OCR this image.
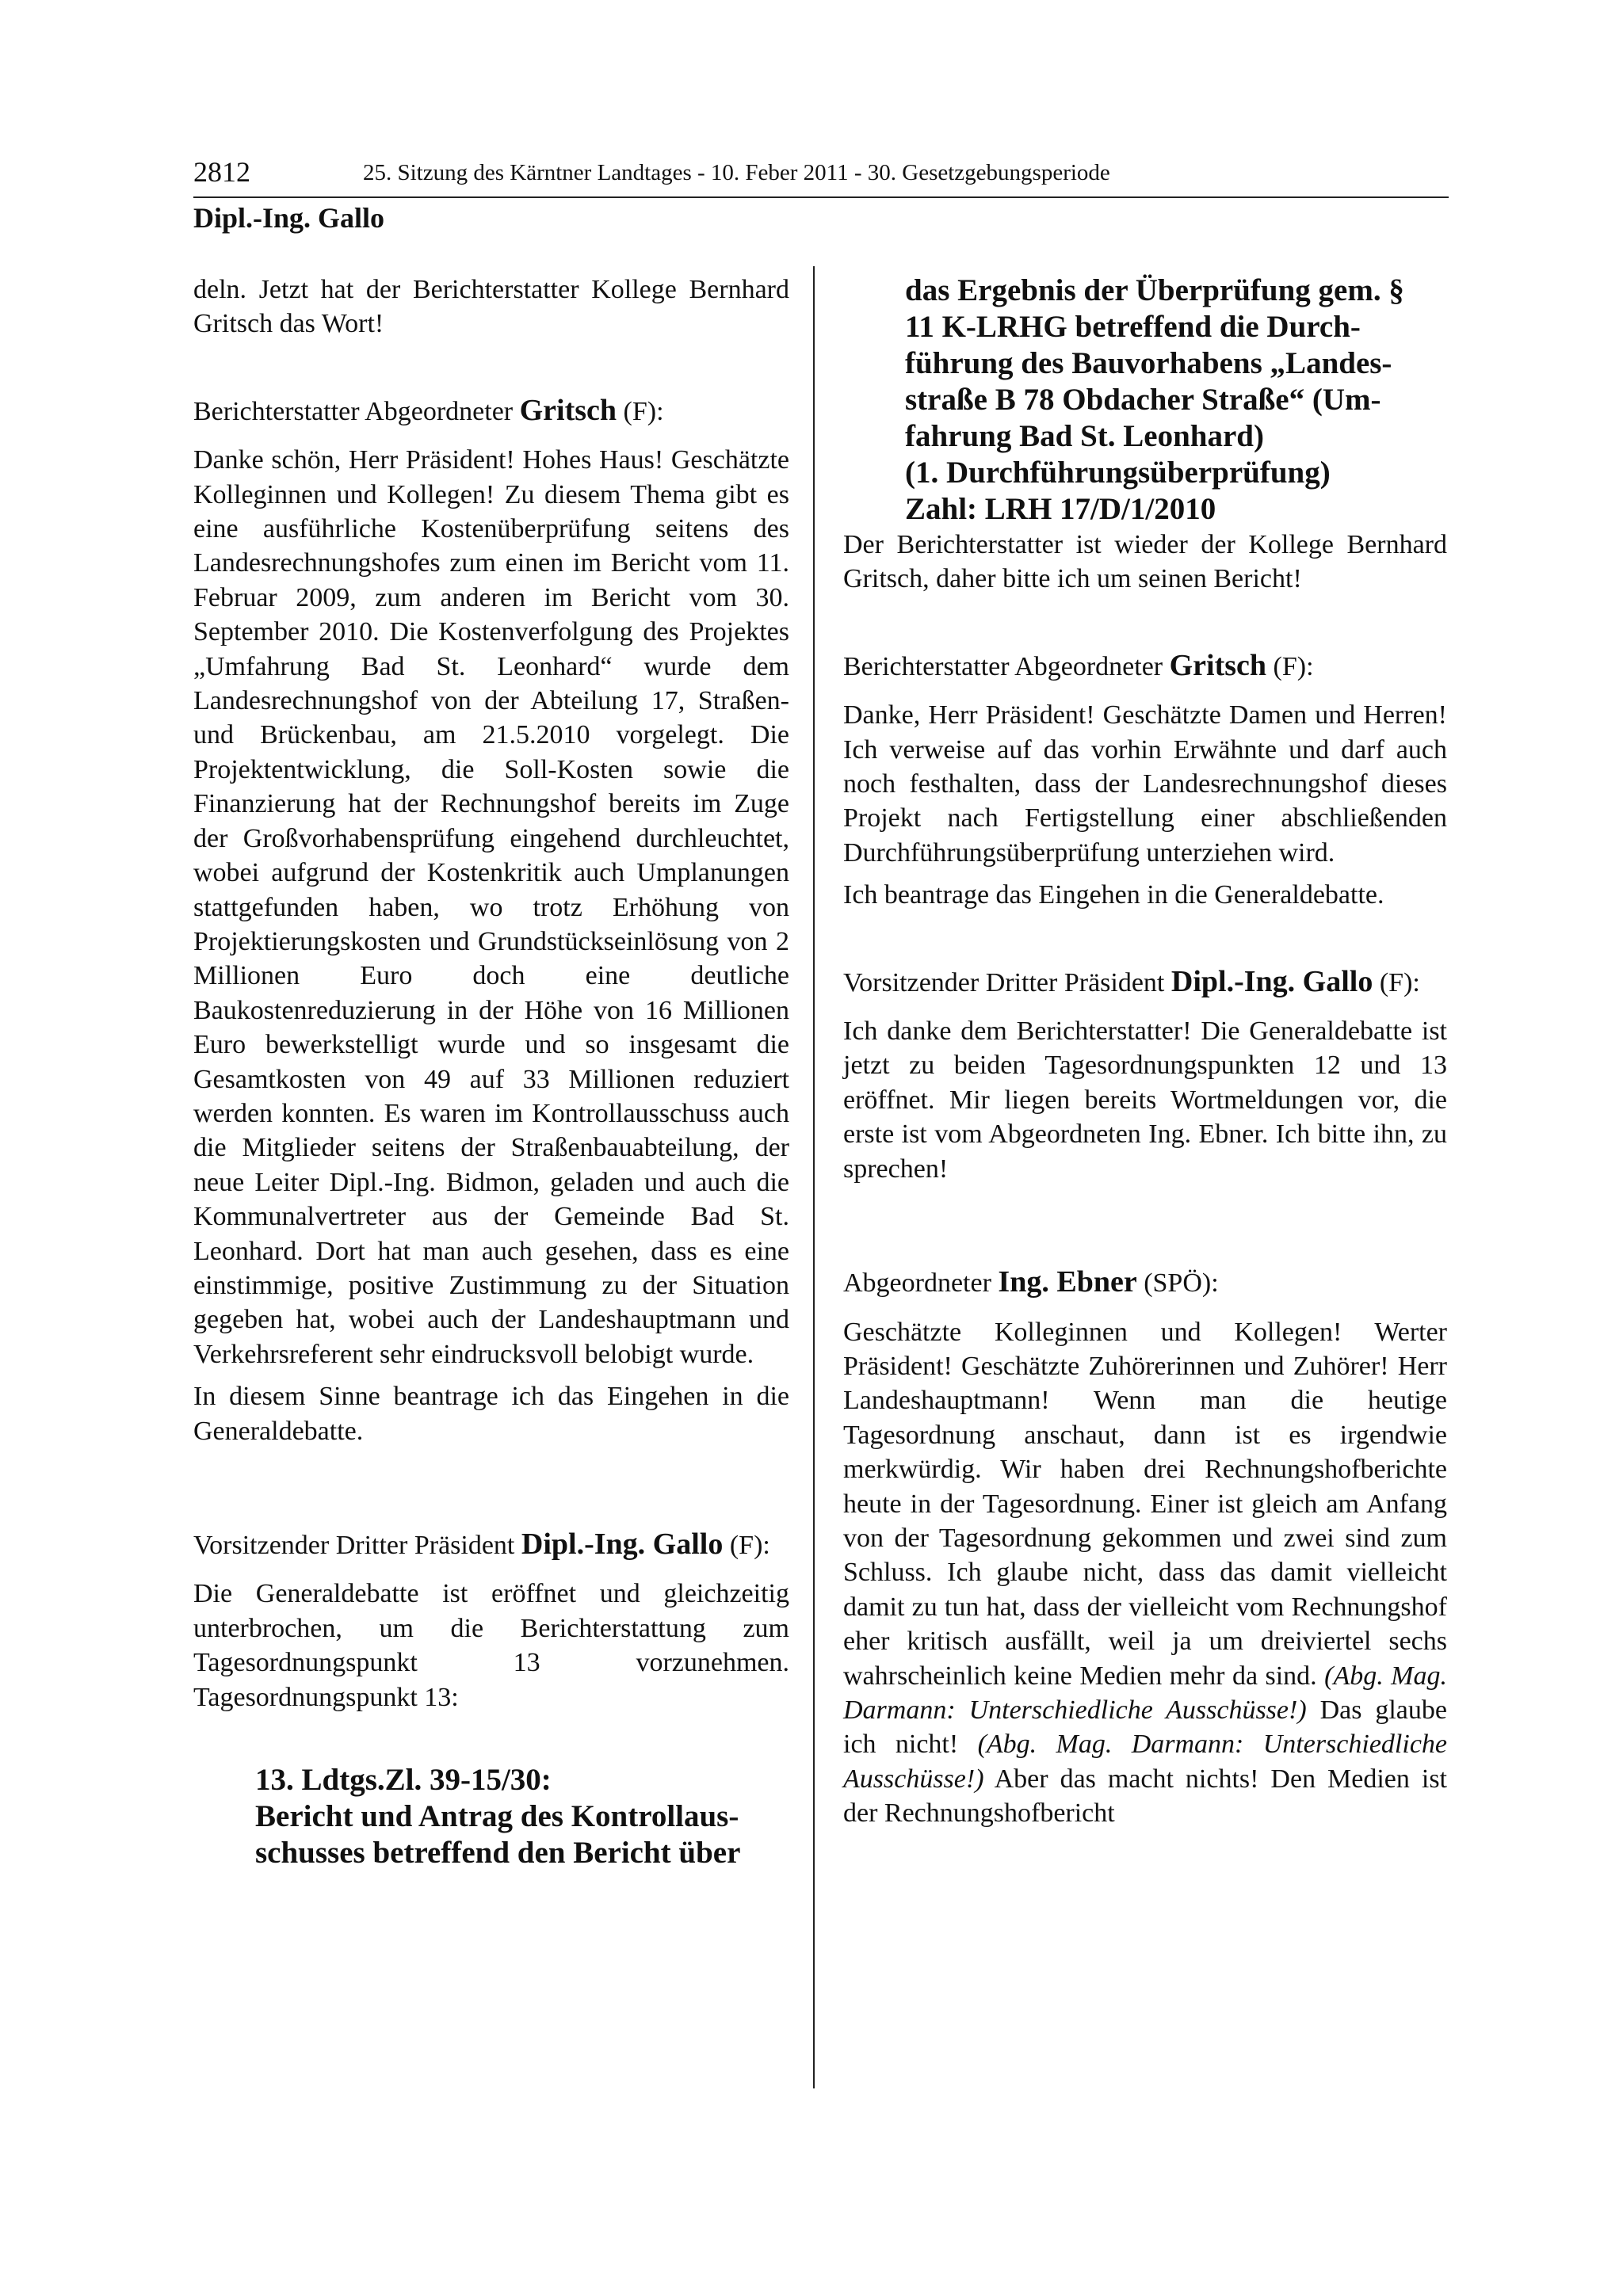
2812	25. Sitzung des Kärntner Landtages - 10. Feber 2011 - 30. Gesetzgebungsperiode
Dipl.-Ing. Gallo

deln. Jetzt hat der Berichterstatter Kollege Bernhard Gritsch das Wort!

Berichterstatter Abgeordneter Gritsch (F):

Danke schön, Herr Präsident! Hohes Haus! Geschätzte Kolleginnen und Kollegen! Zu diesem Thema gibt es eine ausführliche Kostenüberprüfung seitens des Landesrechnungshofes zum einen im Bericht vom 11. Februar 2009, zum anderen im Bericht vom 30. September 2010. Die Kostenverfolgung des Projektes „Umfahrung Bad St. Leonhard“ wurde dem Landesrechnungshof von der Abteilung 17, Straßen- und Brückenbau, am 21.5.2010 vorgelegt. Die Projektentwicklung, die Soll-Kosten sowie die Finanzierung hat der Rechnungshof bereits im Zuge der Großvorhabensprüfung eingehend durchleuchtet, wobei aufgrund der Kostenkritik auch Umplanungen stattgefunden haben, wo trotz Erhöhung von Projektierungskosten und Grundstückseinlösung von 2 Millionen Euro doch eine deutliche Baukostenreduzierung in der Höhe von 16 Millionen Euro bewerkstelligt wurde und so insgesamt die Gesamtkosten von 49 auf 33 Millionen reduziert werden konnten. Es waren im Kontrollausschuss auch die Mitglieder seitens der Straßenbauabteilung, der neue Leiter Dipl.-Ing. Bidmon, geladen und auch die Kommunalvertreter aus der Gemeinde Bad St. Leonhard. Dort hat man auch gesehen, dass es eine einstimmige, positive Zustimmung zu der Situation gegeben hat, wobei auch der Landeshauptmann und Verkehrsreferent sehr eindrucksvoll belobigt wurde.

In diesem Sinne beantrage ich das Eingehen in die Generaldebatte.

Vorsitzender Dritter Präsident Dipl.-Ing. Gallo (F):

Die Generaldebatte ist eröffnet und gleichzeitig unterbrochen, um die Berichterstattung zum Tagesordnungspunkt 13 vorzunehmen. Tagesordnungspunkt 13:

13. Ldtgs.Zl. 39-15/30:
Bericht und Antrag des Kontrollaus-
schusses betreffend den Bericht über
das Ergebnis der Überprüfung gem. §
11 K-LRHG betreffend die Durch-
führung des Bauvorhabens „Landes-
straße B 78 Obdacher Straße“ (Um-
fahrung Bad St. Leonhard)
(1. Durchführungsüberprüfung)
Zahl: LRH 17/D/1/2010

Der Berichterstatter ist wieder der Kollege Bernhard Gritsch, daher bitte ich um seinen Bericht!

Berichterstatter Abgeordneter Gritsch (F):

Danke, Herr Präsident! Geschätzte Damen und Herren! Ich verweise auf das vorhin Erwähnte und darf auch noch festhalten, dass der Landesrechnungshof dieses Projekt nach Fertigstellung einer abschließenden Durchführungsüberprüfung unterziehen wird.

Ich beantrage das Eingehen in die Generaldebatte.

Vorsitzender Dritter Präsident Dipl.-Ing. Gallo (F):

Ich danke dem Berichterstatter! Die Generaldebatte ist jetzt zu beiden Tagesordnungspunkten 12 und 13 eröffnet. Mir liegen bereits Wortmeldungen vor, die erste ist vom Abgeordneten Ing. Ebner. Ich bitte ihn, zu sprechen!

Abgeordneter Ing. Ebner (SPÖ):

Geschätzte Kolleginnen und Kollegen! Werter Präsident! Geschätzte Zuhörerinnen und Zuhörer! Herr Landeshauptmann! Wenn man die heutige Tagesordnung anschaut, dann ist es irgendwie merkwürdig. Wir haben drei Rechnungshofberichte heute in der Tagesordnung. Einer ist gleich am Anfang von der Tagesordnung gekommen und zwei sind zum Schluss. Ich glaube nicht, dass das damit vielleicht damit zu tun hat, dass der vielleicht vom Rechnungshof eher kritisch ausfällt, weil ja um dreiviertel sechs wahrscheinlich keine Medien mehr da sind. (Abg. Mag. Darmann: Unterschiedliche Ausschüsse!) Das glaube ich nicht! (Abg. Mag. Darmann: Unterschiedliche Ausschüsse!) Aber das macht nichts! Den Medien ist der Rechnungshofbericht
